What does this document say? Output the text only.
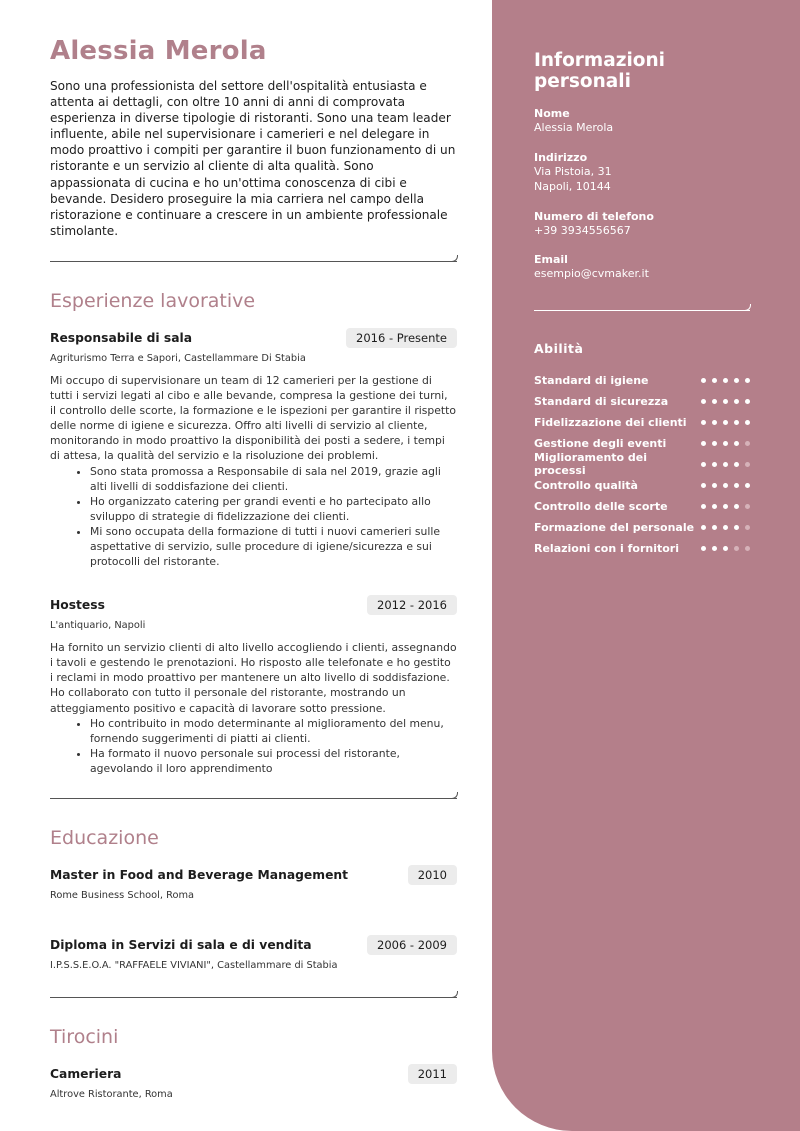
Alessia Merola

Sono una professionista del settore dell'ospitalità entusiasta e attenta ai dettagli, con oltre 10 anni di anni di comprovata esperienza in diverse tipologie di ristoranti. Sono una team leader influente, abile nel supervisionare i camerieri e nel delegare in modo proattivo i compiti per garantire il buon funzionamento di un ristorante e un servizio al cliente di alta qualità. Sono appassionata di cucina e ho un'ottima conoscenza di cibi e bevande. Desidero proseguire la mia carriera nel campo della ristorazione e continuare a crescere in un ambiente professionale stimolante.

Esperienze lavorative
Responsabile di sala	2016 - Presente
Agriturismo Terra e Sapori, Castellammare Di Stabia

Mi occupo di supervisionare un team di 12 camerieri per la gestione di tutti i servizi legati al cibo e alle bevande, compresa la gestione dei turni, il controllo delle scorte, la formazione e le ispezioni per garantire il rispetto delle norme di igiene e sicurezza. Offro alti livelli di servizio al cliente, monitorando in modo proattivo la disponibilità dei posti a sedere, i tempi di attesa, la qualità del servizio e la risoluzione dei problemi.

• Sono stata promossa a Responsabile di sala nel 2019, grazie agli alti livelli di soddisfazione dei clienti.
• Ho organizzato catering per grandi eventi e ho partecipato allo sviluppo di strategie di fidelizzazione dei clienti.
• Mi sono occupata della formazione di tutti i nuovi camerieri sulle aspettative di servizio, sulle procedure di igiene/sicurezza e sui protocolli del ristorante.
Hostess	2012 - 2016
L'antiquario, Napoli

Ha fornito un servizio clienti di alto livello accogliendo i clienti, assegnando i tavoli e gestendo le prenotazioni. Ho risposto alle telefonate e ho gestito i reclami in modo proattivo per mantenere un alto livello di soddisfazione. Ho collaborato con tutto il personale del ristorante, mostrando un atteggiamento positivo e capacità di lavorare sotto pressione.

• Ho contribuito in modo determinante al miglioramento del menu, fornendo suggerimenti di piatti ai clienti.
• Ha formato il nuovo personale sui processi del ristorante, agevolando il loro apprendimento
Educazione
Master in Food and Beverage Management	2010
Rome Business School, Roma
Diploma in Servizi di sala e di vendita	2006 - 2009
I.P.S.S.E.O.A. "RAFFAELE VIVIANI", Castellammare di Stabia
Tirocini
Cameriera	2011
Altrove Ristorante, Roma
Informazioni personali
Nome
Alessia Merola
Indirizzo
Via Pistoia, 31
Napoli, 10144
Numero di telefono
+39 3934556567
Email
esempio@cvmaker.it
Abilità
Standard di igiene
Standard di sicurezza
Fidelizzazione dei clienti
Gestione degli eventi
Miglioramento dei processi
Controllo qualità
Controllo delle scorte
Formazione del personale
Relazioni con i fornitori
